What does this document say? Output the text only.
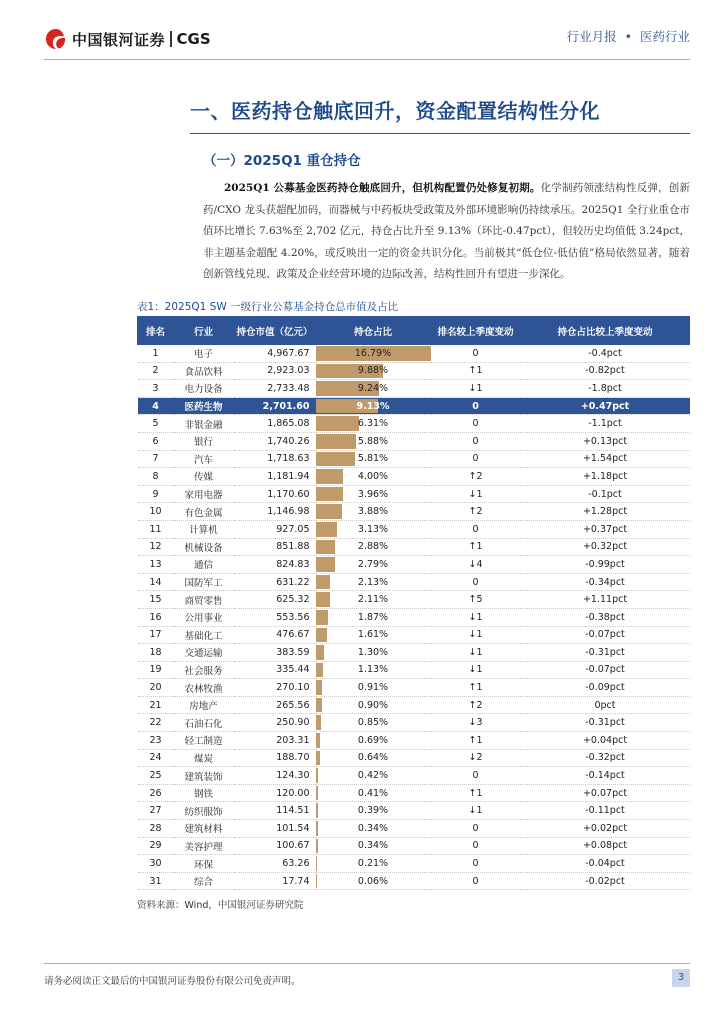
中国银河证券 CGS	行业月报 • 医药行业
一、医药持仓触底回升，资金配置结构性分化
（一）2025Q1 重仓持仓
2025Q1 公募基金医药持仓触底回升，但机构配置仍处修复初期。化学制药领涨结构性反弹，创新药/CXO 龙头获超配加码，而器械与中药板块受政策及外部环境影响仍持续承压。2025Q1 全行业重仓市值环比增长 7.63%至 2,702 亿元，持仓占比升至 9.13%（环比-0.47pct），但较历史均值低 3.24pct，非主题基金超配 4.20%，或反映出一定的资金共识分化。当前极其“低仓位-低估值”格局依然显著，随着创新管线兑现、政策及企业经营环境的边际改善，结构性回升有望进一步深化。
表1：2025Q1 SW 一级行业公募基金持仓总市值及占比
排名	行业	持仓市值（亿元）	持仓占比	排名较上季度变动	持仓占比较上季度变动
1	电子	4,967.67	16.79%	0	-0.4pct
2	食品饮料	2,923.03	9.88%	↑1	-0.82pct
3	电力设备	2,733.48	9.24%	↓1	-1.8pct
4	医药生物	2,701.60	9.13%	0	+0.47pct
5	非银金融	1,865.08	6.31%	0	-1.1pct
6	银行	1,740.26	5.88%	0	+0.13pct
7	汽车	1,718.63	5.81%	0	+1.54pct
8	传媒	1,181.94	4.00%	↑2	+1.18pct
9	家用电器	1,170.60	3.96%	↓1	-0.1pct
10	有色金属	1,146.98	3.88%	↑2	+1.28pct
11	计算机	927.05	3.13%	0	+0.37pct
12	机械设备	851.88	2.88%	↑1	+0.32pct
13	通信	824.83	2.79%	↓4	-0.99pct
14	国防军工	631.22	2.13%	0	-0.34pct
15	商贸零售	625.32	2.11%	↑5	+1.11pct
16	公用事业	553.56	1.87%	↓1	-0.38pct
17	基础化工	476.67	1.61%	↓1	-0.07pct
18	交通运输	383.59	1.30%	↓1	-0.31pct
19	社会服务	335.44	1.13%	↓1	-0.07pct
20	农林牧渔	270.10	0.91%	↑1	-0.09pct
21	房地产	265.56	0.90%	↑2	0pct
22	石油石化	250.90	0.85%	↓3	-0.31pct
23	轻工制造	203.31	0.69%	↑1	+0.04pct
24	煤炭	188.70	0.64%	↓2	-0.32pct
25	建筑装饰	124.30	0.42%	0	-0.14pct
26	钢铁	120.00	0.41%	↑1	+0.07pct
27	纺织服饰	114.51	0.39%	↓1	-0.11pct
28	建筑材料	101.54	0.34%	0	+0.02pct
29	美容护理	100.67	0.34%	0	+0.08pct
30	环保	63.26	0.21%	0	-0.04pct
31	综合	17.74	0.06%	0	-0.02pct
资料来源：Wind，中国银河证券研究院
请务必阅读正文最后的中国银河证券股份有限公司免责声明。	3
